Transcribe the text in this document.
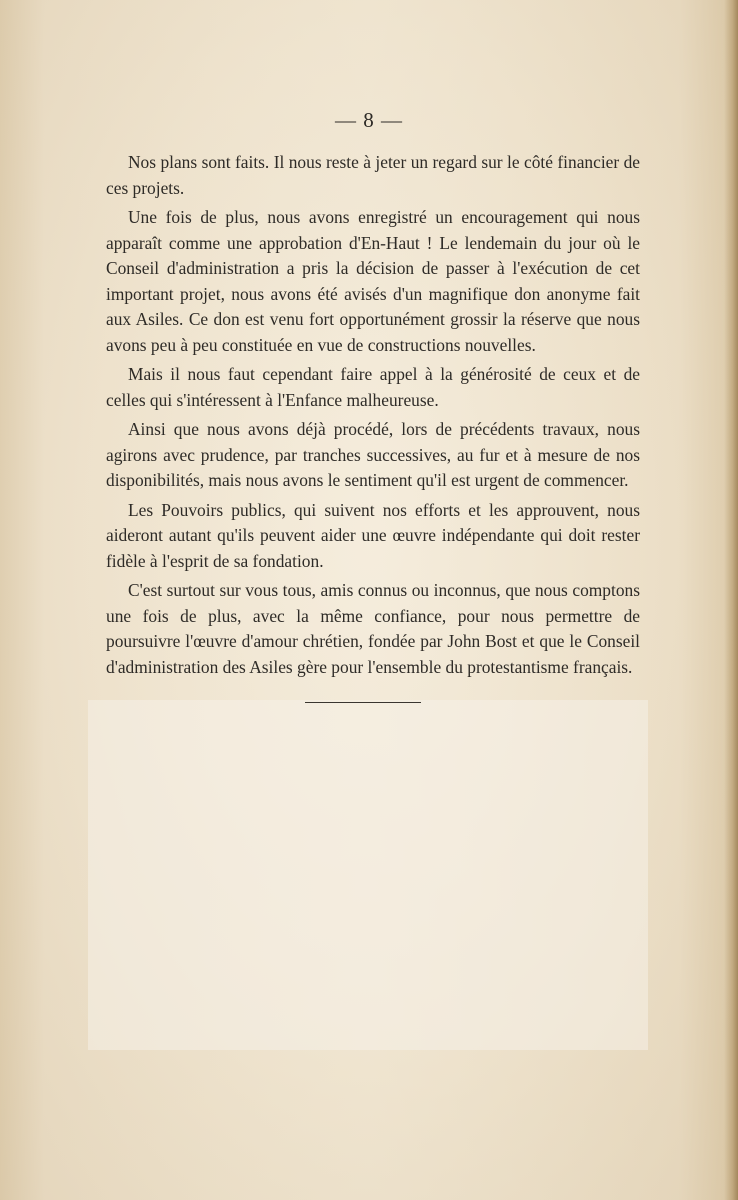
— 8 —

Nos plans sont faits. Il nous reste à jeter un regard sur le côté financier de ces projets.

Une fois de plus, nous avons enregistré un encouragement qui nous apparaît comme une approbation d'En-Haut ! Le lendemain du jour où le Conseil d'administration a pris la décision de passer à l'exécution de cet important projet, nous avons été avisés d'un magnifique don anonyme fait aux Asiles. Ce don est venu fort opportunément grossir la réserve que nous avons peu à peu constituée en vue de constructions nouvelles.

Mais il nous faut cependant faire appel à la générosité de ceux et de celles qui s'intéressent à l'Enfance malheureuse.

Ainsi que nous avons déjà procédé, lors de précédents travaux, nous agirons avec prudence, par tranches successives, au fur et à mesure de nos disponibilités, mais nous avons le sentiment qu'il est urgent de commencer.

Les Pouvoirs publics, qui suivent nos efforts et les approuvent, nous aideront autant qu'ils peuvent aider une œuvre indépendante qui doit rester fidèle à l'esprit de sa fondation.

C'est surtout sur vous tous, amis connus ou inconnus, que nous comptons une fois de plus, avec la même confiance, pour nous permettre de poursuivre l'œuvre d'amour chrétien, fondée par John Bost et que le Conseil d'administration des Asiles gère pour l'ensemble du protestantisme français.
